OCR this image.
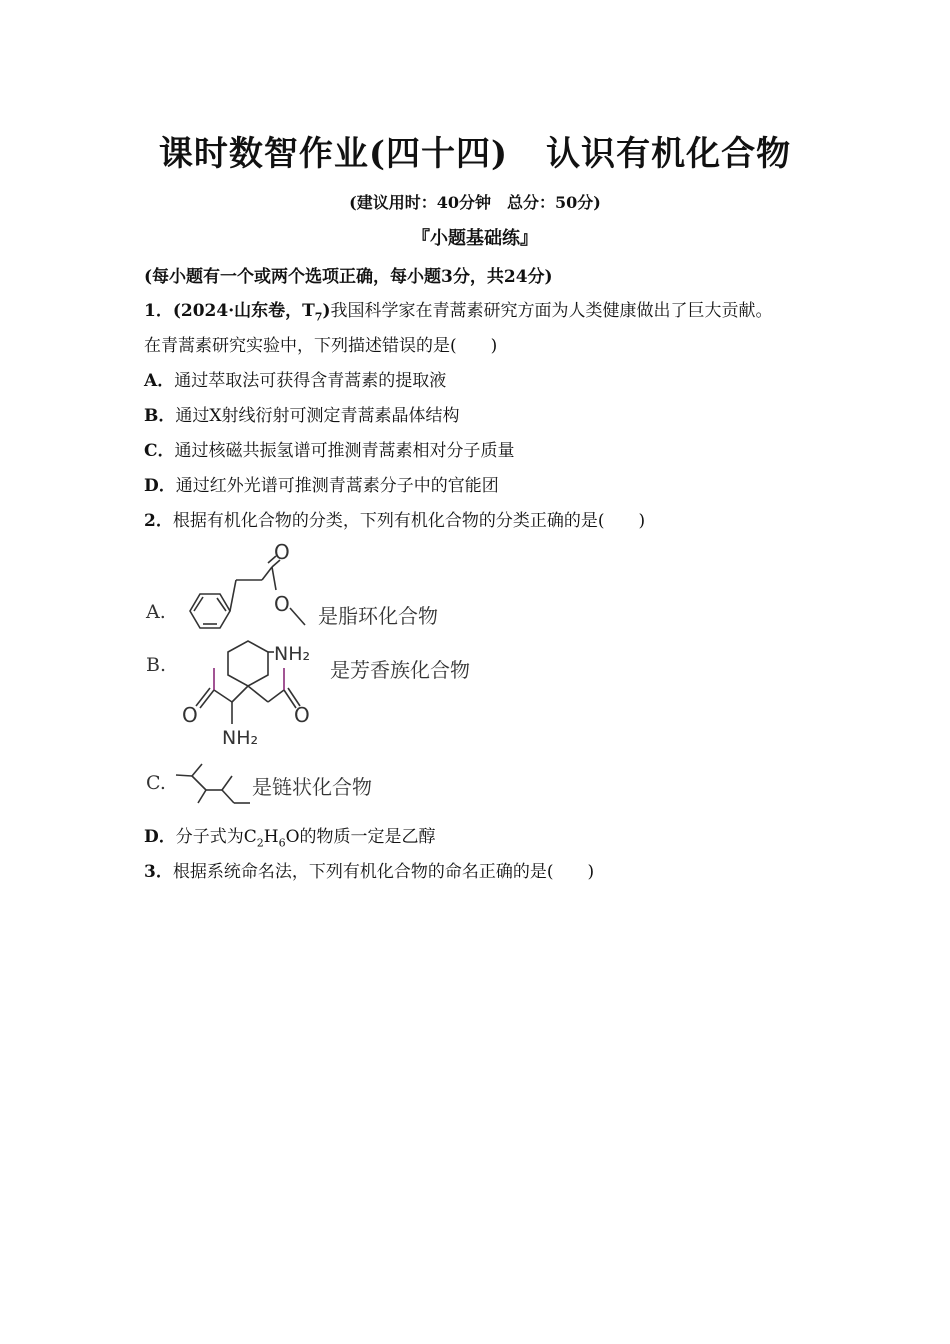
课时数智作业(四十四) 认识有机化合物
(建议用时：40分钟　总分：50分)
『小题基础练』
(每小题有一个或两个选项正确，每小题3分，共24分)
1．(2024·山东卷，$T_7$)我国科学家在青蒿素研究方面为人类健康做出了巨大贡献。
在青蒿素研究实验中，下列描述错误的是(　　)
A．通过萃取法可获得含青蒿素的提取液
B．通过X射线衍射可测定青蒿素晶体结构
C．通过核磁共振氢谱可推测青蒿素相对分子质量
D．通过红外光谱可推测青蒿素分子中的官能团
2．根据有机化合物的分类，下列有机化合物的分类正确的是(　　)
A.
O
O 是脂环化合物
B.	NH₂
是芳香族化合物
O	O
NH₂
C.	是链状化合物
D．分子式为$C_2H_6O$的物质一定是乙醇
3．根据系统命名法，下列有机化合物的命名正确的是(　　)
